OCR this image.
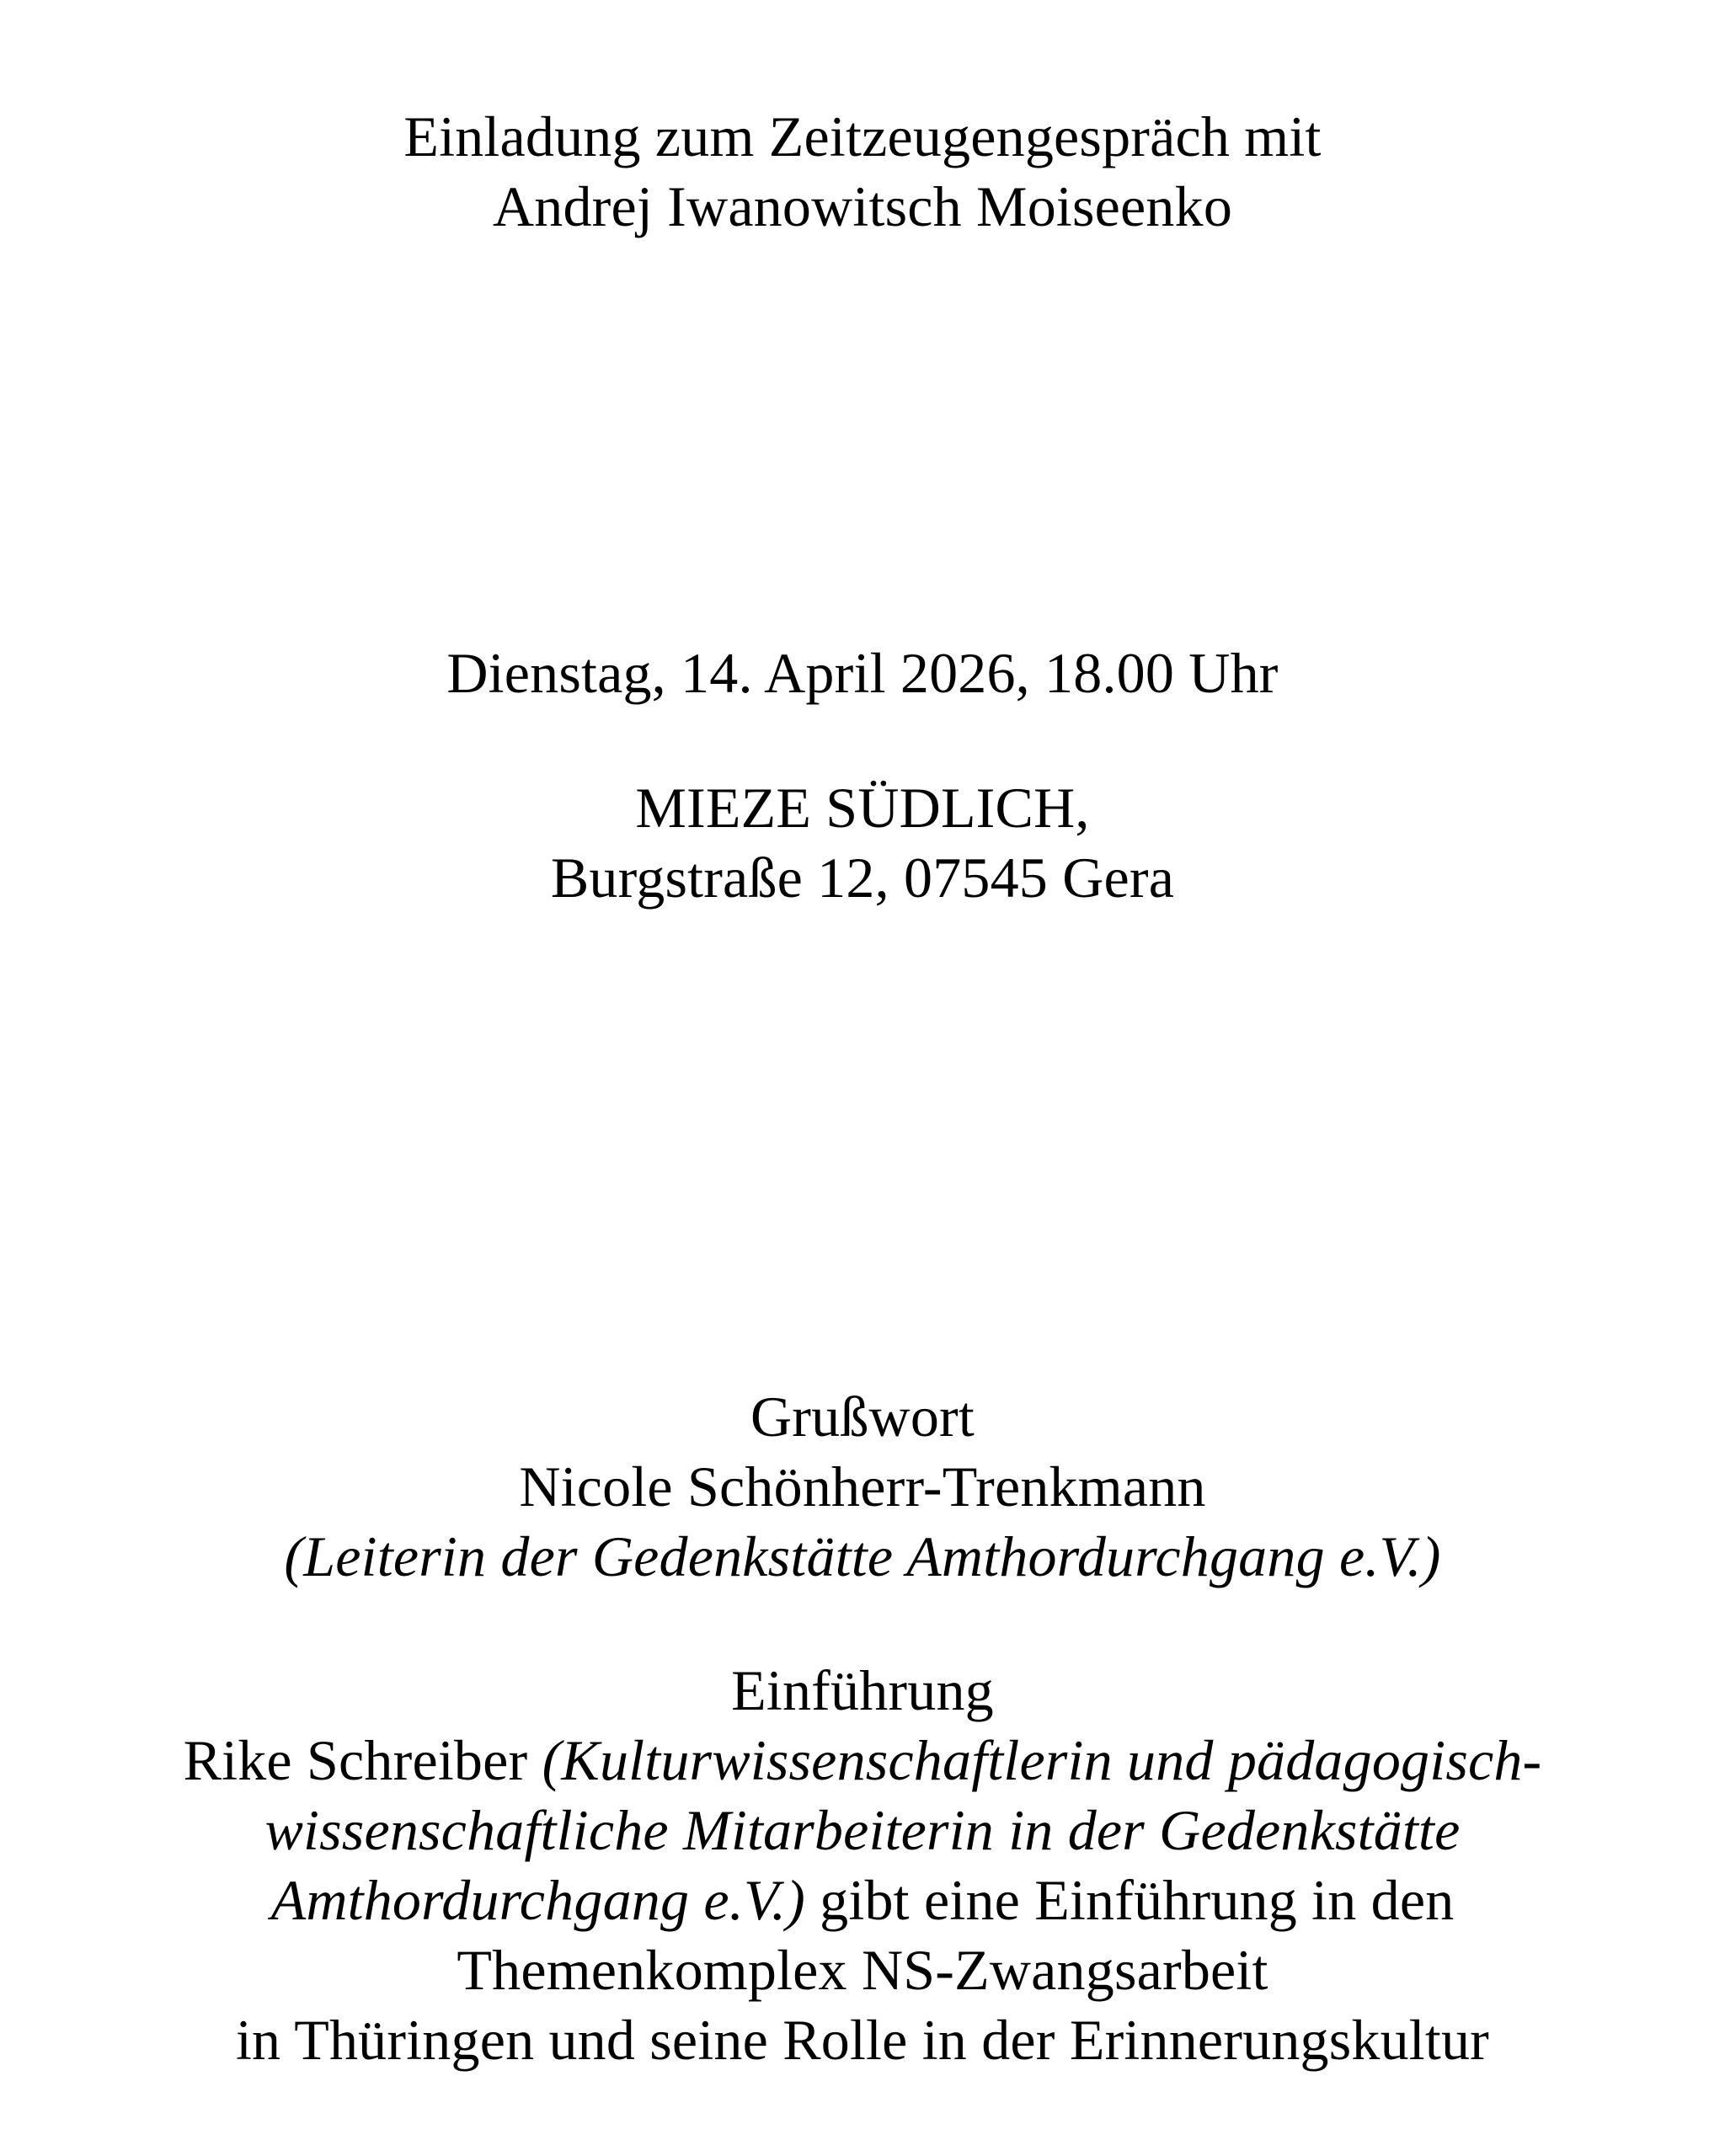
Einladung zum Zeitzeugengespräch mit
Andrej Iwanowitsch Moiseenko
Dienstag, 14. April 2026, 18.00 Uhr
MIEZE SÜDLICH,
Burgstraße 12, 07545 Gera
Grußwort
Nicole Schönherr-Trenkmann
(Leiterin der Gedenkstätte Amthordurchgang e.V.)
Einführung
Rike Schreiber (Kulturwissenschaftlerin und pädagogisch-
wissenschaftliche Mitarbeiterin in der Gedenkstätte
Amthordurchgang e.V.) gibt eine Einführung in den
Themenkomplex NS-Zwangsarbeit
in Thüringen und seine Rolle in der Erinnerungskultur
